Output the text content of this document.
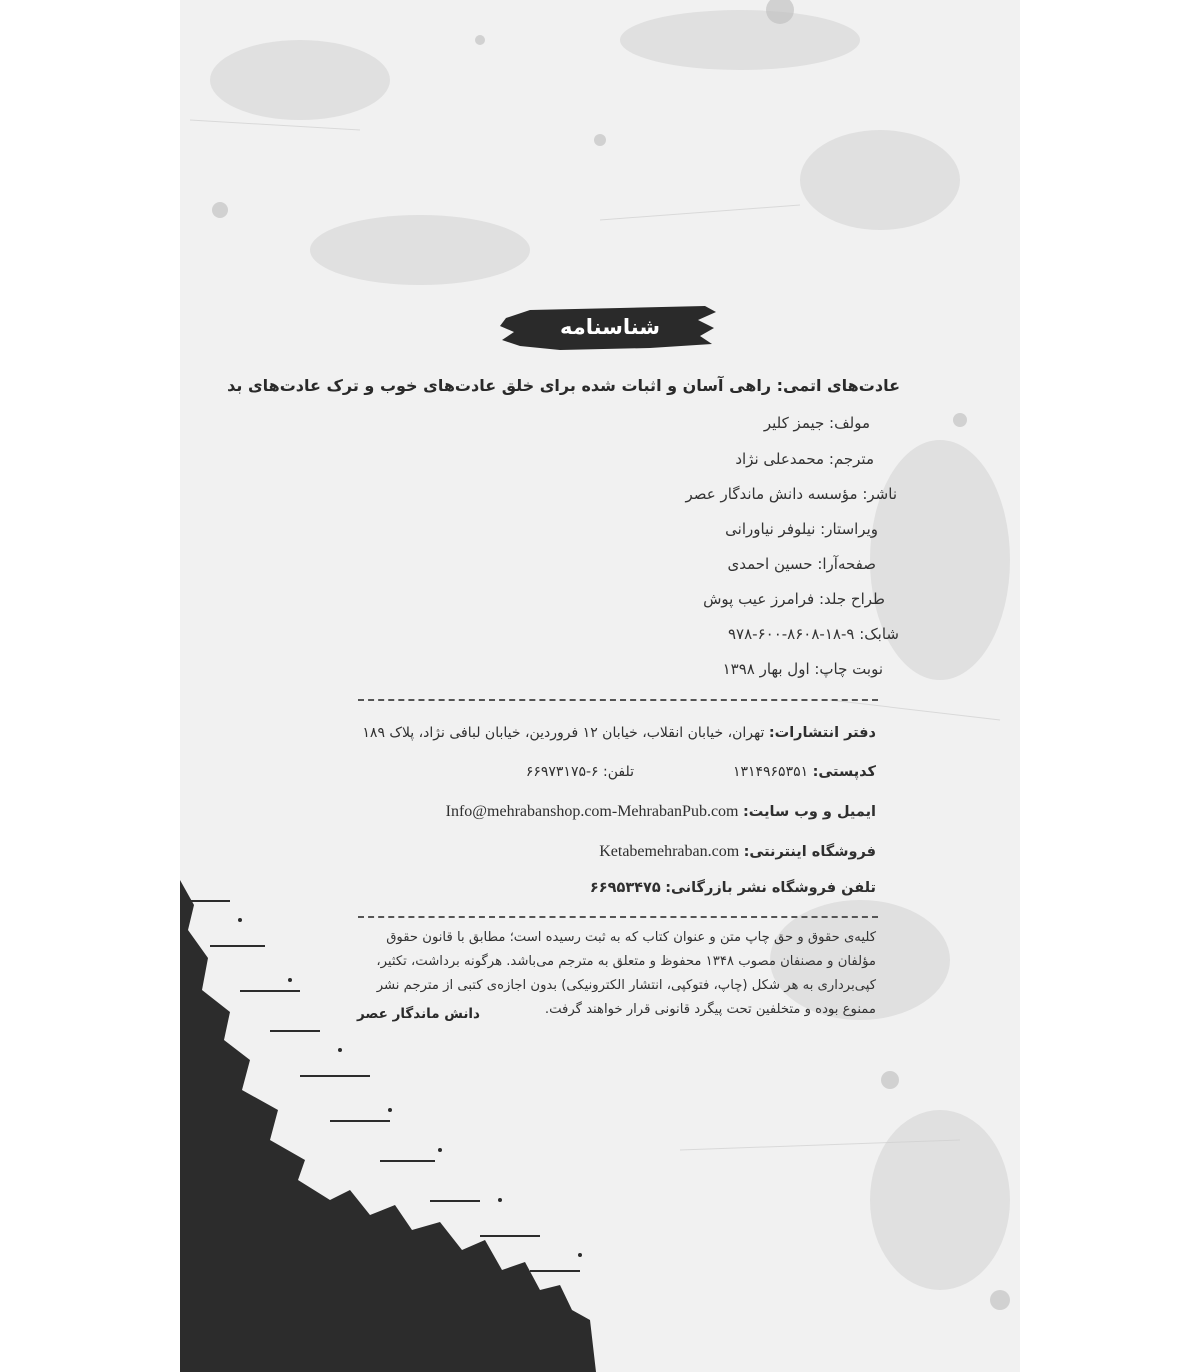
شناسنامه
عادت‌های اتمی: راهی آسان و اثبات شده برای خلق عادت‌های خوب و ترک عادت‌های بد
مولف: جیمز کلیر
مترجم: محمدعلی نژاد
ناشر: مؤسسه دانش ماندگار عصر
ویراستار: نیلوفر نیاورانی
صفحه‌آرا: حسین احمدی
طراح جلد: فرامرز عیب پوش
شابک: ۹-۱۸-۸۶۰۸-۶۰۰-۹۷۸
نوبت چاپ: اول بهار ۱۳۹۸
دفتر انتشارات: تهران، خیابان انقلاب، خیابان ۱۲ فروردین، خیابان لبافی نژاد، پلاک ۱۸۹
کدپستی: ۱۳۱۴۹۶۵۳۵۱  تلفن: ۶-۶۶۹۷۳۱۷۵
ایمیل و وب سایت: Info@mehrabanshop.com-MehrabanPub.com
فروشگاه اینترنتی: Ketabemehraban.com
تلفن فروشگاه نشر بازرگانی: ۶۶۹۵۳۴۷۵
کلیه‌ی حقوق و حق چاپ متن و عنوان کتاب که به ثبت رسیده است؛ مطابق با قانون حقوق مؤلفان و مصنفان مصوب ۱۳۴۸ محفوظ و متعلق به مترجم می‌باشد. هرگونه برداشت، تکثیر، کپی‌برداری به هر شکل (چاپ، فتوکپی، انتشار الکترونیکی) بدون اجازه‌ی کتبی از مترجم نشر ممنوع بوده و متخلفین تحت پیگرد قانونی قرار خواهند گرفت.
دانش ماندگار عصر
